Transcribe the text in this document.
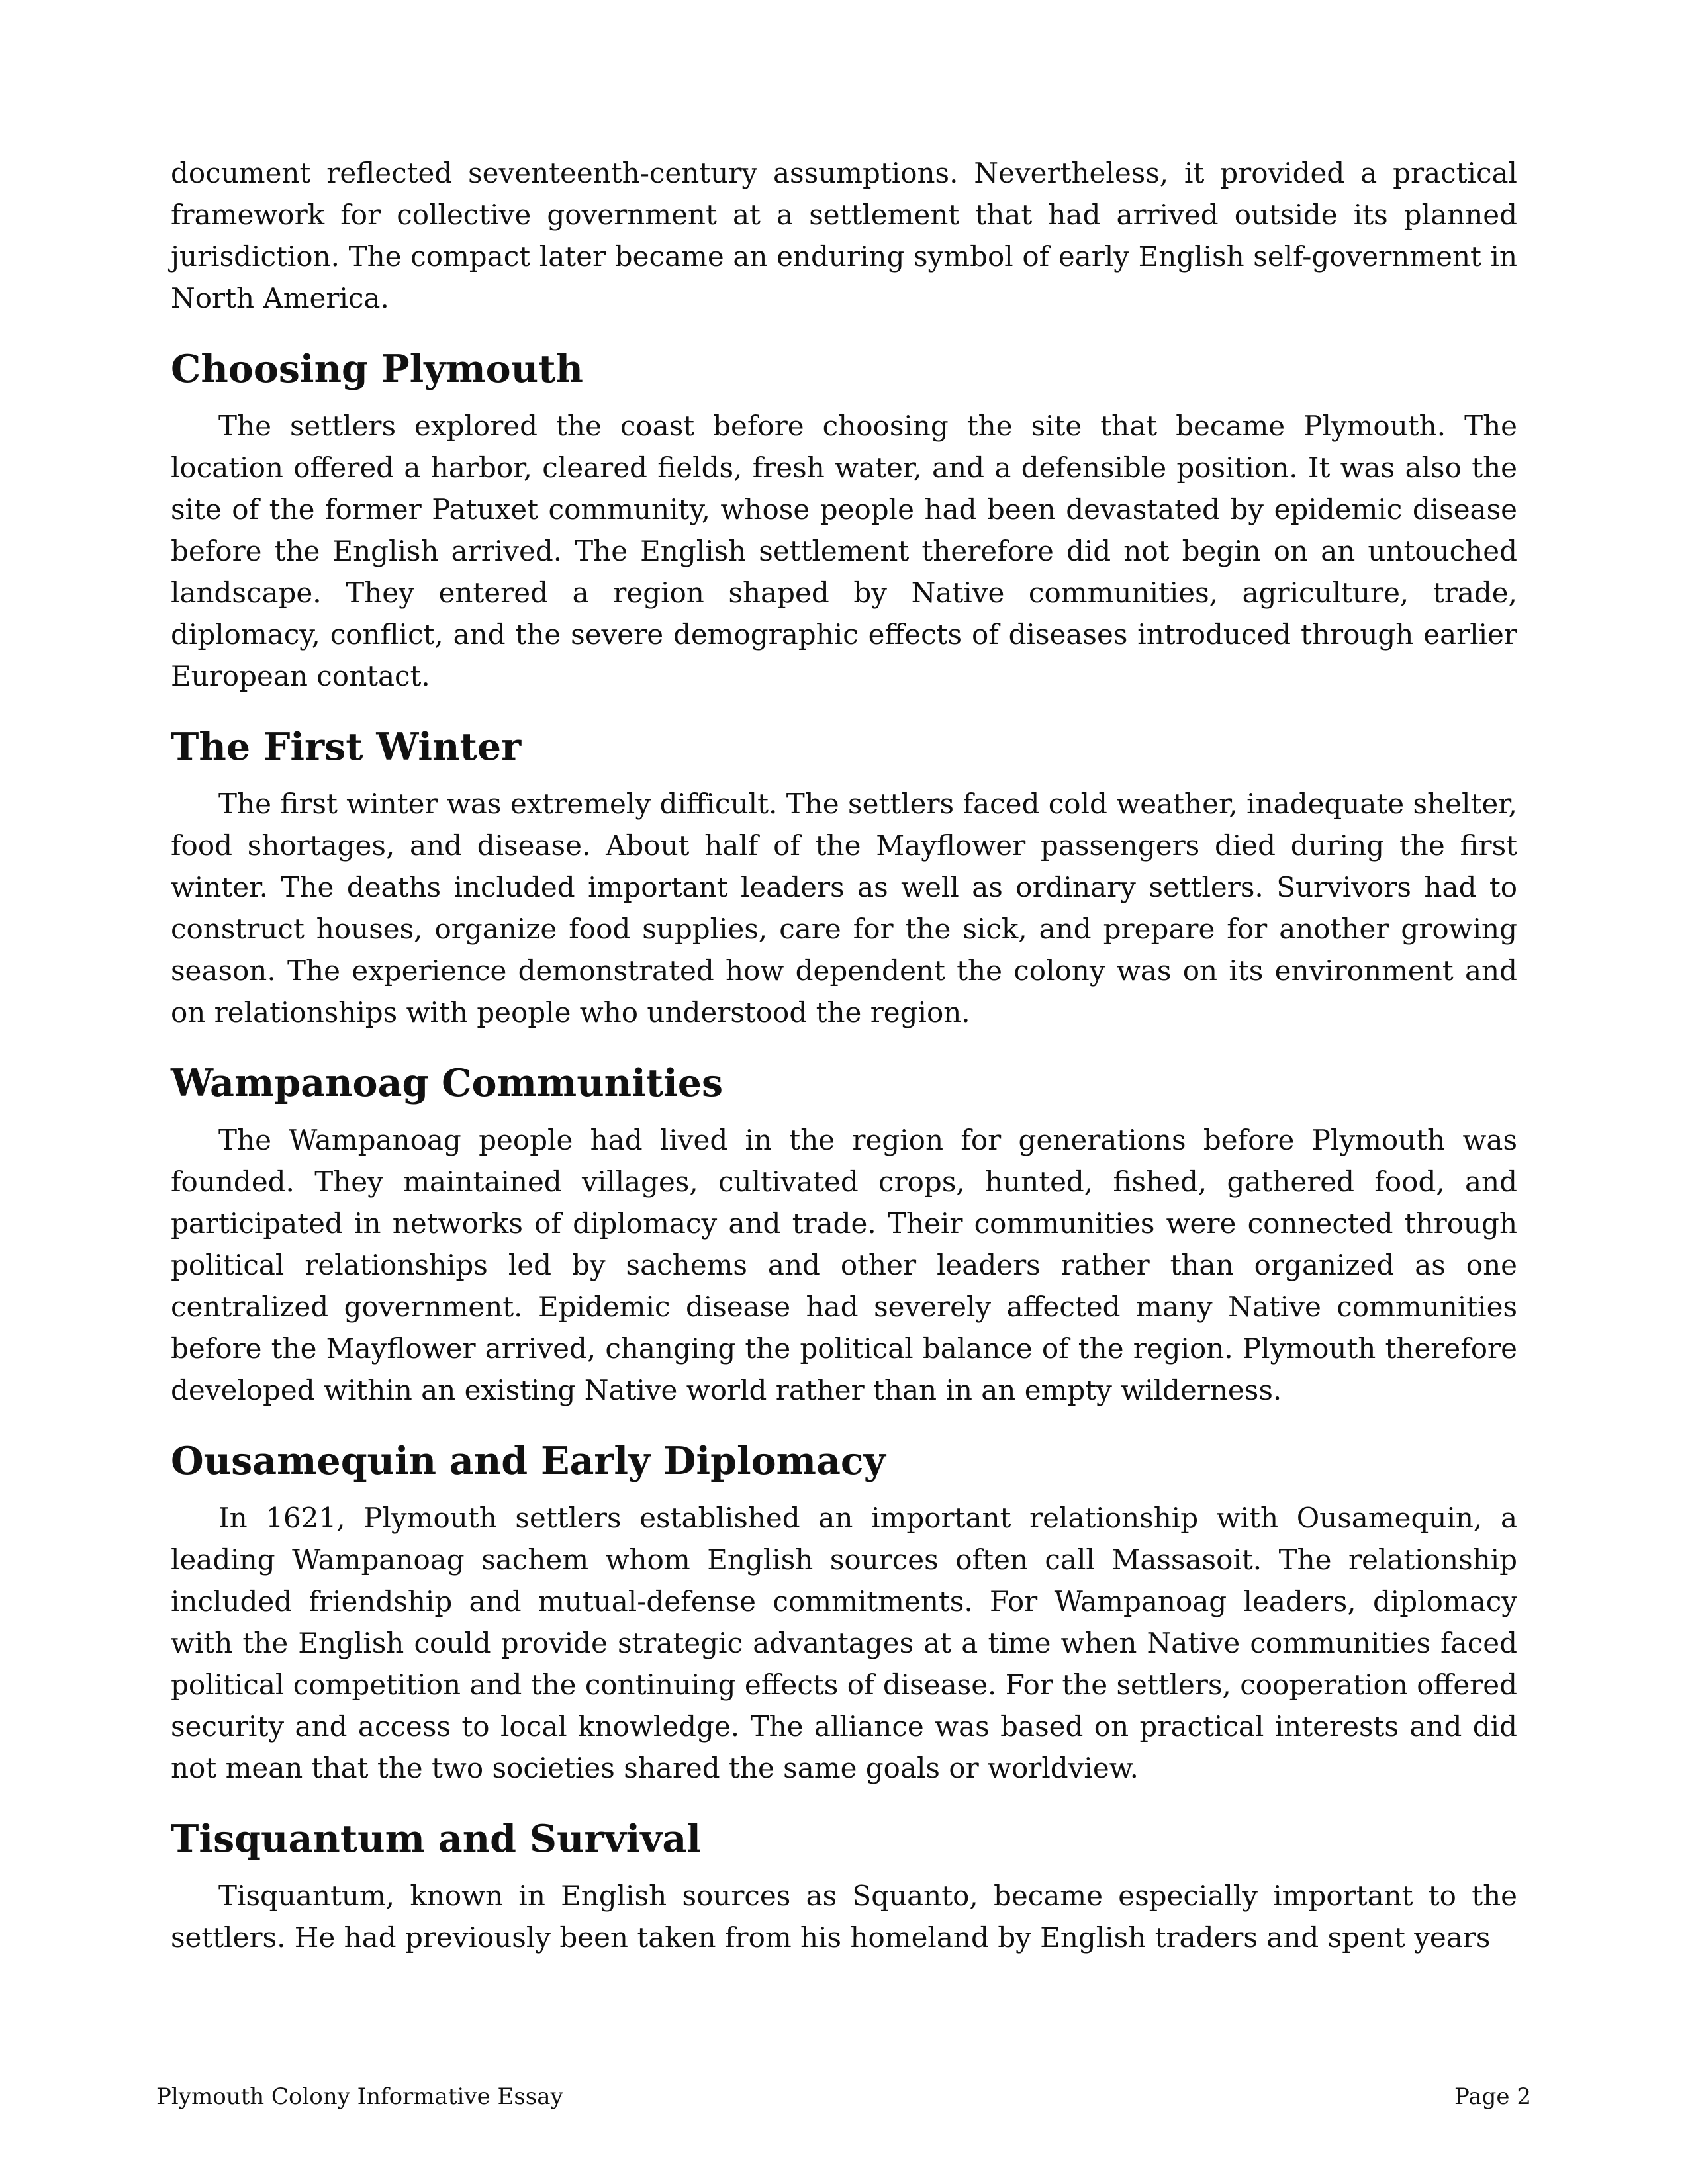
document reflected seventeenth-century assumptions. Nevertheless, it provided a practical framework for collective government at a settlement that had arrived outside its planned jurisdiction. The compact later became an enduring symbol of early English self-government in North America.

Choosing Plymouth

The settlers explored the coast before choosing the site that became Plymouth. The location offered a harbor, cleared fields, fresh water, and a defensible position. It was also the site of the former Patuxet community, whose people had been devastated by epidemic disease before the English arrived. The English settlement therefore did not begin on an untouched landscape. They entered a region shaped by Native communities, agriculture, trade, diplomacy, conflict, and the severe demographic effects of diseases introduced through earlier European contact.

The First Winter

The first winter was extremely difficult. The settlers faced cold weather, inadequate shelter, food shortages, and disease. About half of the Mayflower passengers died during the first winter. The deaths included important leaders as well as ordinary settlers. Survivors had to construct houses, organize food supplies, care for the sick, and prepare for another growing season. The experience demonstrated how dependent the colony was on its environment and on relationships with people who understood the region.

Wampanoag Communities

The Wampanoag people had lived in the region for generations before Plymouth was founded. They maintained villages, cultivated crops, hunted, fished, gathered food, and participated in networks of diplomacy and trade. Their communities were connected through political relationships led by sachems and other leaders rather than organized as one centralized government. Epidemic disease had severely affected many Native communities before the Mayflower arrived, changing the political balance of the region. Plymouth therefore developed within an existing Native world rather than in an empty wilderness.

Ousamequin and Early Diplomacy

In 1621, Plymouth settlers established an important relationship with Ousamequin, a leading Wampanoag sachem whom English sources often call Massasoit. The relationship included friendship and mutual-defense commitments. For Wampanoag leaders, diplomacy with the English could provide strategic advantages at a time when Native communities faced political competition and the continuing effects of disease. For the settlers, cooperation offered security and access to local knowledge. The alliance was based on practical interests and did not mean that the two societies shared the same goals or worldview.

Tisquantum and Survival

Tisquantum, known in English sources as Squanto, became especially important to the settlers. He had previously been taken from his homeland by English traders and spent years

Plymouth Colony Informative Essay	Page 2
